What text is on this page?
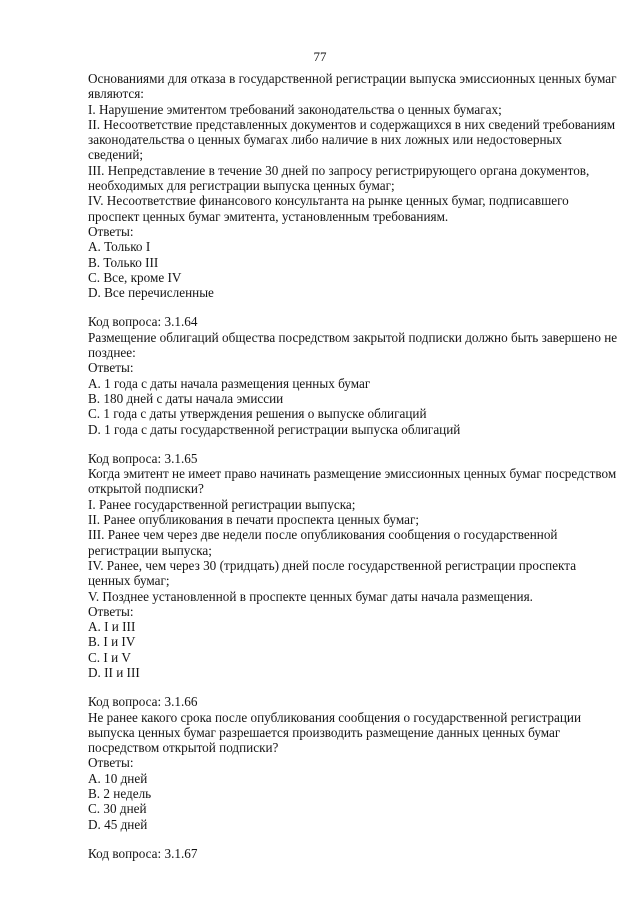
77

Основаниями для отказа в государственной регистрации выпуска эмиссионных ценных бумаг являются:

I. Нарушение эмитентом требований законодательства о ценных бумагах;

II. Несоответствие представленных документов и содержащихся в них сведений требованиям законодательства о ценных бумагах либо наличие в них ложных или недостоверных сведений;

III. Непредставление в течение 30 дней по запросу регистрирующего органа документов, необходимых для регистрации выпуска ценных бумаг;

IV. Несоответствие финансового консультанта на рынке ценных бумаг, подписавшего проспект ценных бумаг эмитента, установленным требованиям.

Ответы:

A. Только I

B. Только III

C. Все, кроме IV

D. Все перечисленные

Код вопроса: 3.1.64

Размещение облигаций общества посредством закрытой подписки должно быть завершено не позднее:

Ответы:

A. 1 года с даты начала размещения ценных бумаг

B. 180 дней с даты начала эмиссии

C. 1 года с даты утверждения решения о выпуске облигаций

D. 1 года с даты государственной регистрации выпуска облигаций

Код вопроса: 3.1.65

Когда эмитент не имеет право начинать размещение эмиссионных ценных бумаг посредством открытой подписки?

I. Ранее государственной регистрации выпуска;

II. Ранее опубликования в печати проспекта ценных бумаг;

III. Ранее чем через две недели после опубликования сообщения о государственной регистрации выпуска;

IV. Ранее, чем через 30 (тридцать) дней после государственной регистрации проспекта ценных бумаг;

V. Позднее установленной в проспекте ценных бумаг даты начала размещения.

Ответы:

A. I и III

B. I и IV

C. I и V

D. II и III

Код вопроса: 3.1.66

Не ранее какого срока после опубликования сообщения о государственной регистрации выпуска ценных бумаг разрешается производить размещение данных ценных бумаг посредством открытой подписки?

Ответы:

A. 10 дней

B. 2 недель

C. 30 дней

D. 45 дней

Код вопроса: 3.1.67
